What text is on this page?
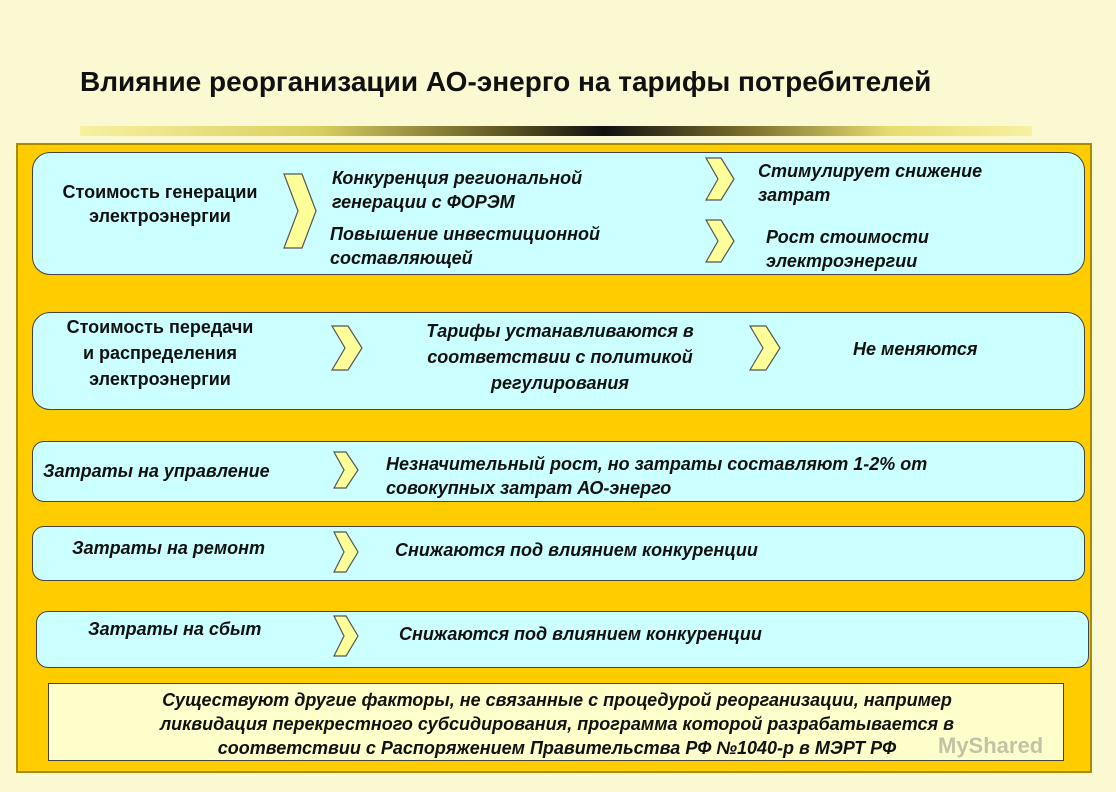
Влияние реорганизации АО-энерго на тарифы потребителей
Стоимость генерации
электроэнергии
Конкуренция региональной
генерации с ФОРЭМ
Повышение инвестиционной
составляющей
Стимулирует снижение
затрат
Рост стоимости
электроэнергии
Стоимость передачи
и распределения
электроэнергии
Тарифы устанавливаются в
соответствии с политикой
регулирования
Не меняются
Затраты на управление	Незначительный рост, но затраты составляют 1-2% от
совокупных затрат АО-энерго
Затраты на ремонт	Снижаются под влиянием конкуренции
Затраты на сбыт	Снижаются под влиянием конкуренции
Существуют другие факторы, не связанные с процедурой реорганизации, например
ликвидация перекрестного субсидирования, программа которой разрабатывается в
соответствии с Распоряжением Правительства РФ №1040-р в МЭРТ РФ	MyShared
